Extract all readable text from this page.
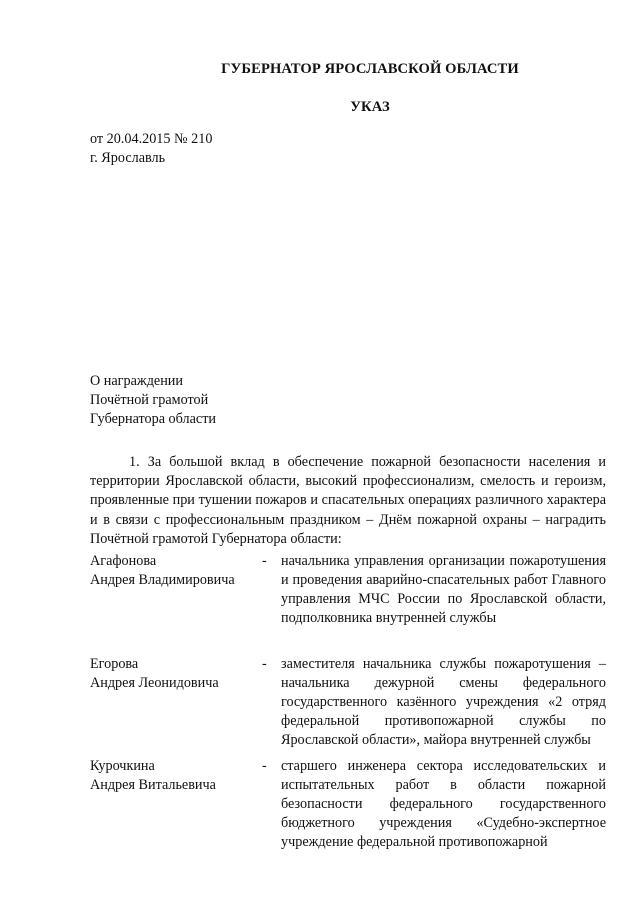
ГУБЕРНАТОР ЯРОСЛАВСКОЙ ОБЛАСТИ
УКАЗ
от 20.04.2015 № 210
г. Ярославль
О награждении
Почётной грамотой
Губернатора области

1. За большой вклад в обеспечение пожарной безопасности населения и территории Ярославской области, высокий профессионализм, смелость и героизм, проявленные при тушении пожаров и спасательных операциях различного характера и в связи с профессиональным праздником – Днём пожарной охраны – наградить Почётной грамотой Губернатора области:

Агафонова
Андрея Владимировича
- начальника управления организации пожаротушения и проведения аварийно-спасательных работ Главного управления МЧС России по Ярославской области, подполковника внутренней службы

Егорова
Андрея Леонидовича
- заместителя начальника службы пожаротушения – начальника дежурной смены федерального государственного казённого учреждения «2 отряд федеральной противопожарной службы по Ярославской области», майора внутренней службы

Курочкина
Андрея Витальевича
- старшего инженера сектора исследовательских и испытательных работ в области пожарной безопасности федерального государственного бюджетного учреждения «Судебно-экспертное учреждение федеральной противопожарной
